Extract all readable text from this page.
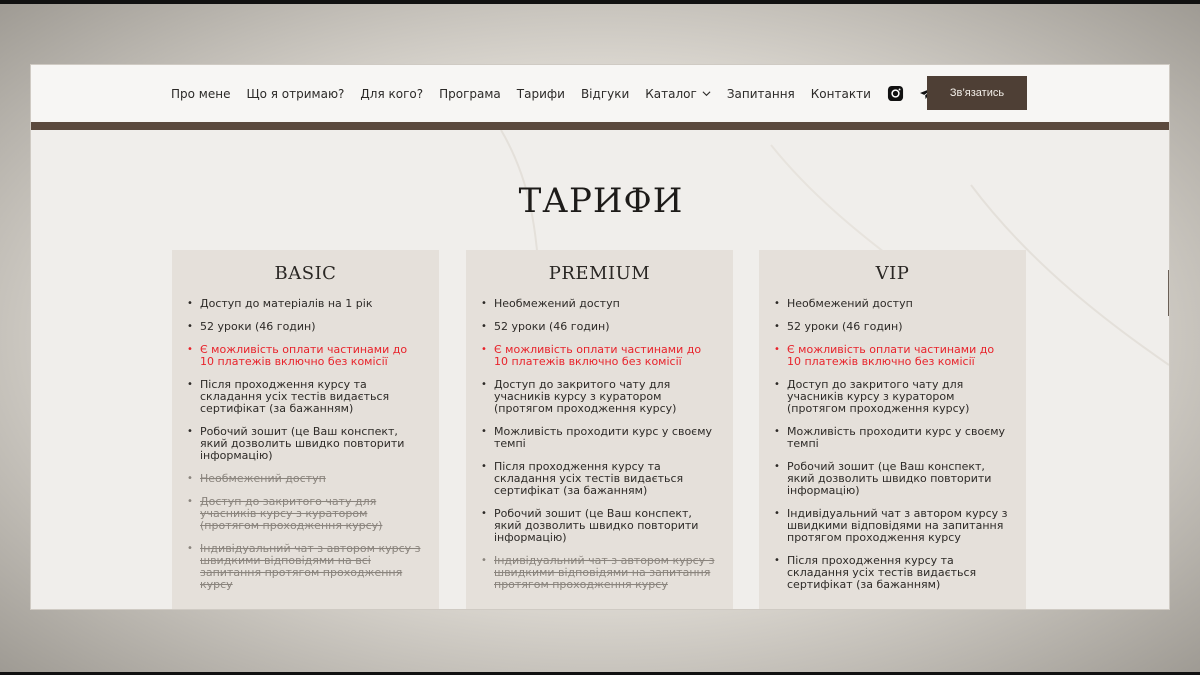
Про мене Що я отримаю? Для кого? Програма Тарифи Відгуки Каталог	Запитання Контакти	Зв’язатись
ТАРИФИ
BASIC
• Доступ до матеріалів на 1 рік
• 52 уроки (46 годин)
• Є можливість оплати частинами до 10 платежів включно без комісії
• Після проходження курсу та складання усіх тестів видається сертифікат (за бажанням)
• Робочий зошит (це Ваш конспект, який дозволить швидко повторити інформацію)
• Необмежений доступ
• Доступ до закритого чату для учасників курсу з куратором (протягом проходження курсу)
• Індивідуальний чат з автором курсу з швидкими відповідями на всі запитання протягом проходження курсу
PREMIUM
• Необмежений доступ
• 52 уроки (46 годин)
• Є можливість оплати частинами до 10 платежів включно без комісії
• Доступ до закритого чату для учасників курсу з куратором (протягом проходження курсу)
• Можливість проходити курс у своєму темпі
• Після проходження курсу та складання усіх тестів видається сертифікат (за бажанням)
• Робочий зошит (це Ваш конспект, який дозволить швидко повторити інформацію)
• Індивідуальний чат з автором курсу з швидкими відповідями на запитання протягом проходження курсу
VIP
• Необмежений доступ
• 52 уроки (46 годин)
• Є можливість оплати частинами до 10 платежів включно без комісії
• Доступ до закритого чату для учасників курсу з куратором (протягом проходження курсу)
• Можливість проходити курс у своєму темпі
• Робочий зошит (це Ваш конспект, який дозволить швидко повторити інформацію)
• Індивідуальний чат з автором курсу з швидкими відповідями на запитання протягом проходження курсу
• Після проходження курсу та складання усіх тестів видається сертифікат (за бажанням)
